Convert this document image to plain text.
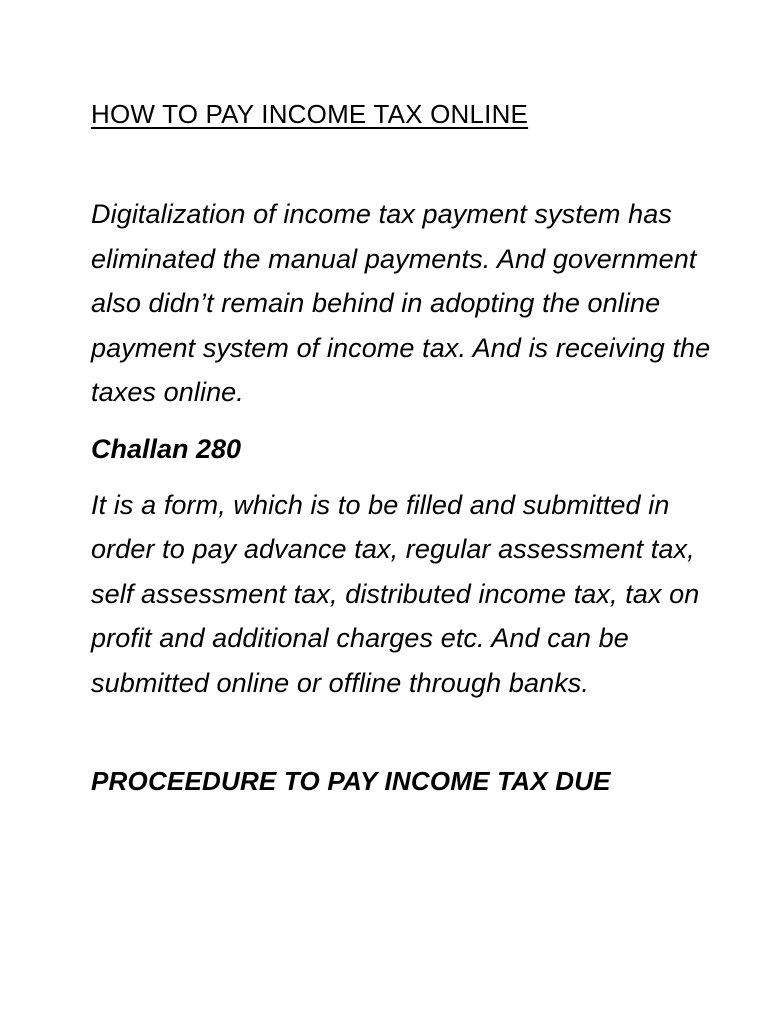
HOW TO PAY INCOME TAX ONLINE

Digitalization of income tax payment system has eliminated the manual payments. And government also didn’t remain behind in adopting the online payment system of income tax. And is receiving the taxes online.

Challan 280

It is a form, which is to be filled and submitted in order to pay advance tax, regular assessment tax, self assessment tax, distributed income tax, tax on profit and additional charges etc. And can be submitted online or offline through banks.

PROCEEDURE TO PAY INCOME TAX DUE
